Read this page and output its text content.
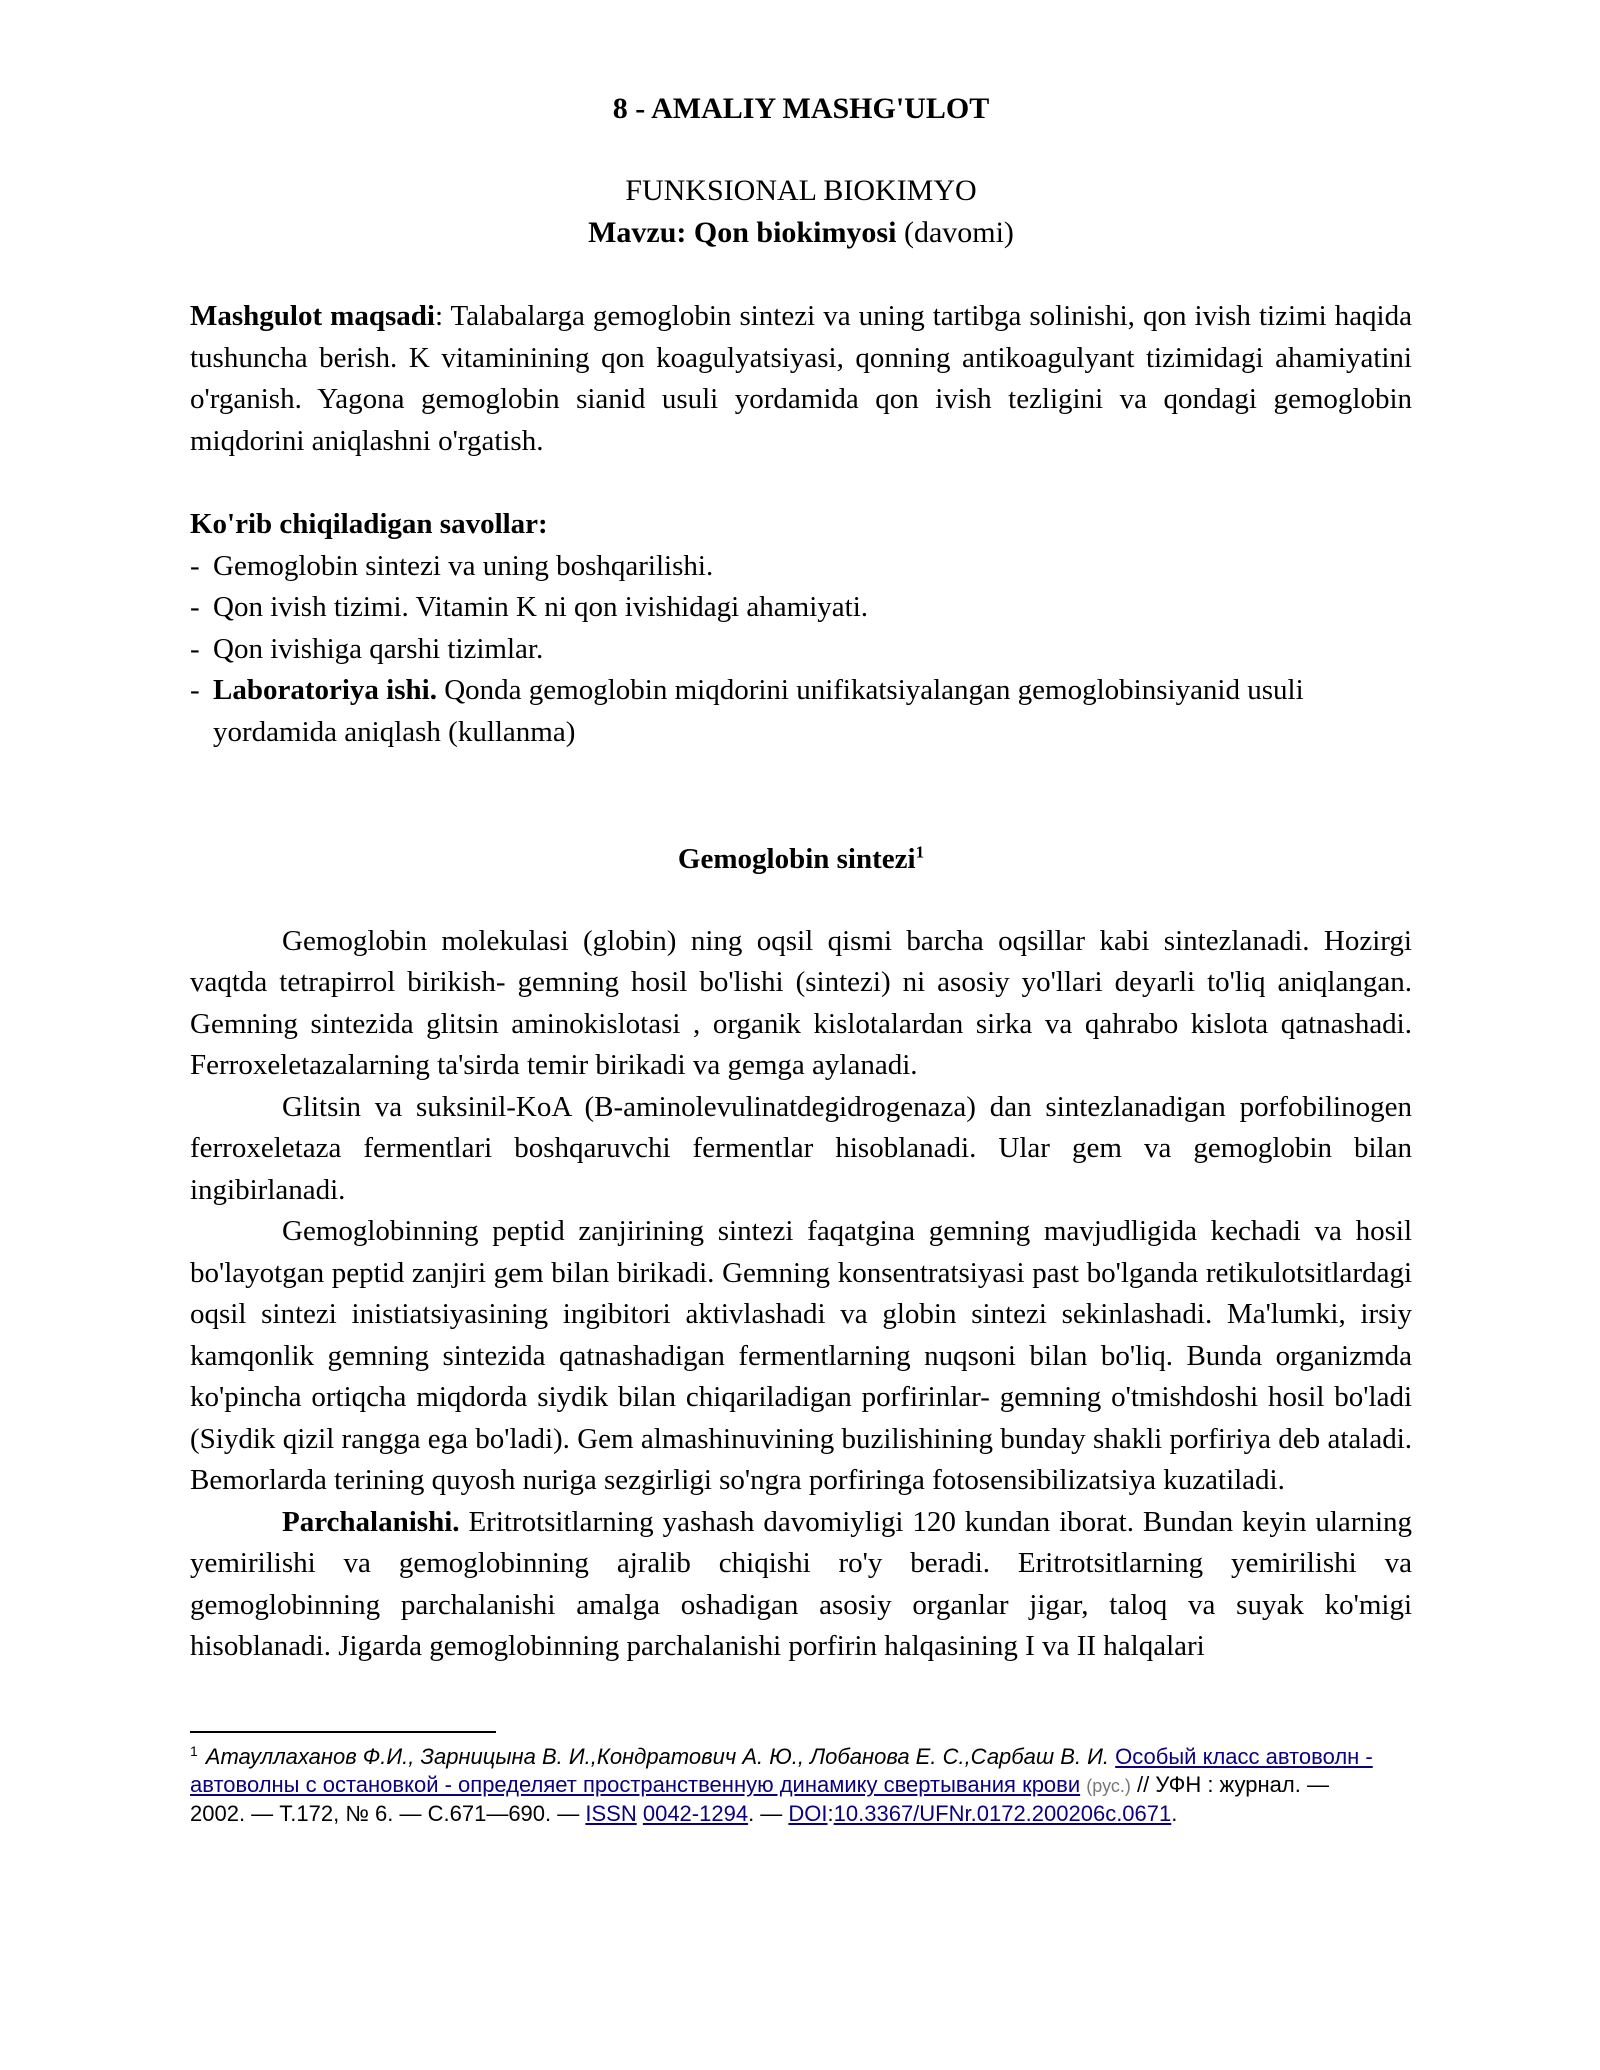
8 - AMALIY MASHG'ULOT

FUNKSIONAL BIOKIMYO

Mavzu: Qon biokimyosi (davomi)

Mashgulot maqsadi: Talabalarga gemoglobin sintezi va uning tartibga solinishi, qon ivish tizimi haqida tushuncha berish. K vitaminining qon koagulyatsiyasi, qonning antikoagulyant tizimidagi ahamiyatini o'rganish. Yagona gemoglobin sianid usuli yordamida qon ivish tezligini va qondagi gemoglobin miqdorini aniqlashni o'rgatish.

Ko'rib chiqiladigan savollar:
- Gemoglobin sintezi va uning boshqarilishi.
- Qon ivish tizimi. Vitamin K ni qon ivishidagi ahamiyati.
- Qon ivishiga qarshi tizimlar.
- Laboratoriya ishi. Qonda gemoglobin miqdorini unifikatsiyalangan gemoglobinsiyanid usuli yordamida aniqlash (kullanma)
Gemoglobin sintezi$^1$

Gemoglobin molekulasi (globin) ning oqsil qismi barcha oqsillar kabi sintezlanadi. Hozirgi vaqtda tetrapirrol birikish- gemning hosil bo'lishi (sintezi) ni asosiy yo'llari deyarli to'liq aniqlangan. Gemning sintezida glitsin aminokislotasi , organik kislotalardan sirka va qahrabo kislota qatnashadi. Ferroxeletazalarning ta'sirda temir birikadi va gemga aylanadi.

Glitsin va suksinil-KoA (B-aminolevulinatdegidrogenaza) dan sintezlanadigan porfobilinogen ferroxeletaza fermentlari boshqaruvchi fermentlar hisoblanadi. Ular gem va gemoglobin bilan ingibirlanadi.

Gemoglobinning peptid zanjirining sintezi faqatgina gemning mavjudligida kechadi va hosil bo'layotgan peptid zanjiri gem bilan birikadi. Gemning konsentratsiyasi past bo'lganda retikulotsitlardagi oqsil sintezi inistiatsiyasining ingibitori aktivlashadi va globin sintezi sekinlashadi. Ma'lumki, irsiy kamqonlik gemning sintezida qatnashadigan fermentlarning nuqsoni bilan bo'liq. Bunda organizmda ko'pincha ortiqcha miqdorda siydik bilan chiqariladigan porfirinlar- gemning o'tmishdoshi hosil bo'ladi (Siydik qizil rangga ega bo'ladi). Gem almashinuvining buzilishining bunday shakli porfiriya deb ataladi. Bemorlarda terining quyosh nuriga sezgirligi so'ngra porfiringa fotosensibilizatsiya kuzatiladi.

Parchalanishi. Eritrotsitlarning yashash davomiyligi 120 kundan iborat. Bundan keyin ularning yemirilishi va gemoglobinning ajralib chiqishi ro'y beradi. Eritrotsitlarning yemirilishi va gemoglobinning parchalanishi amalga oshadigan asosiy organlar jigar, taloq va suyak ko'migi hisoblanadi. Jigarda gemoglobinning parchalanishi porfirin halqasining I va II halqalari

$^1$ Атауллаханов Ф.И., Зарницына В. И.,Кондратович А. Ю., Лобанова Е. С.,Сарбаш В. И. Особый класс автоволн - автоволны с остановкой - определяет пространственную динамику свертывания крови (рус.) // УФН : журнал. — 2002. — Т.172, № 6. — С.671—690. — ISSN 0042-1294. — DOI:10.3367/UFNr.0172.200206c.0671.
